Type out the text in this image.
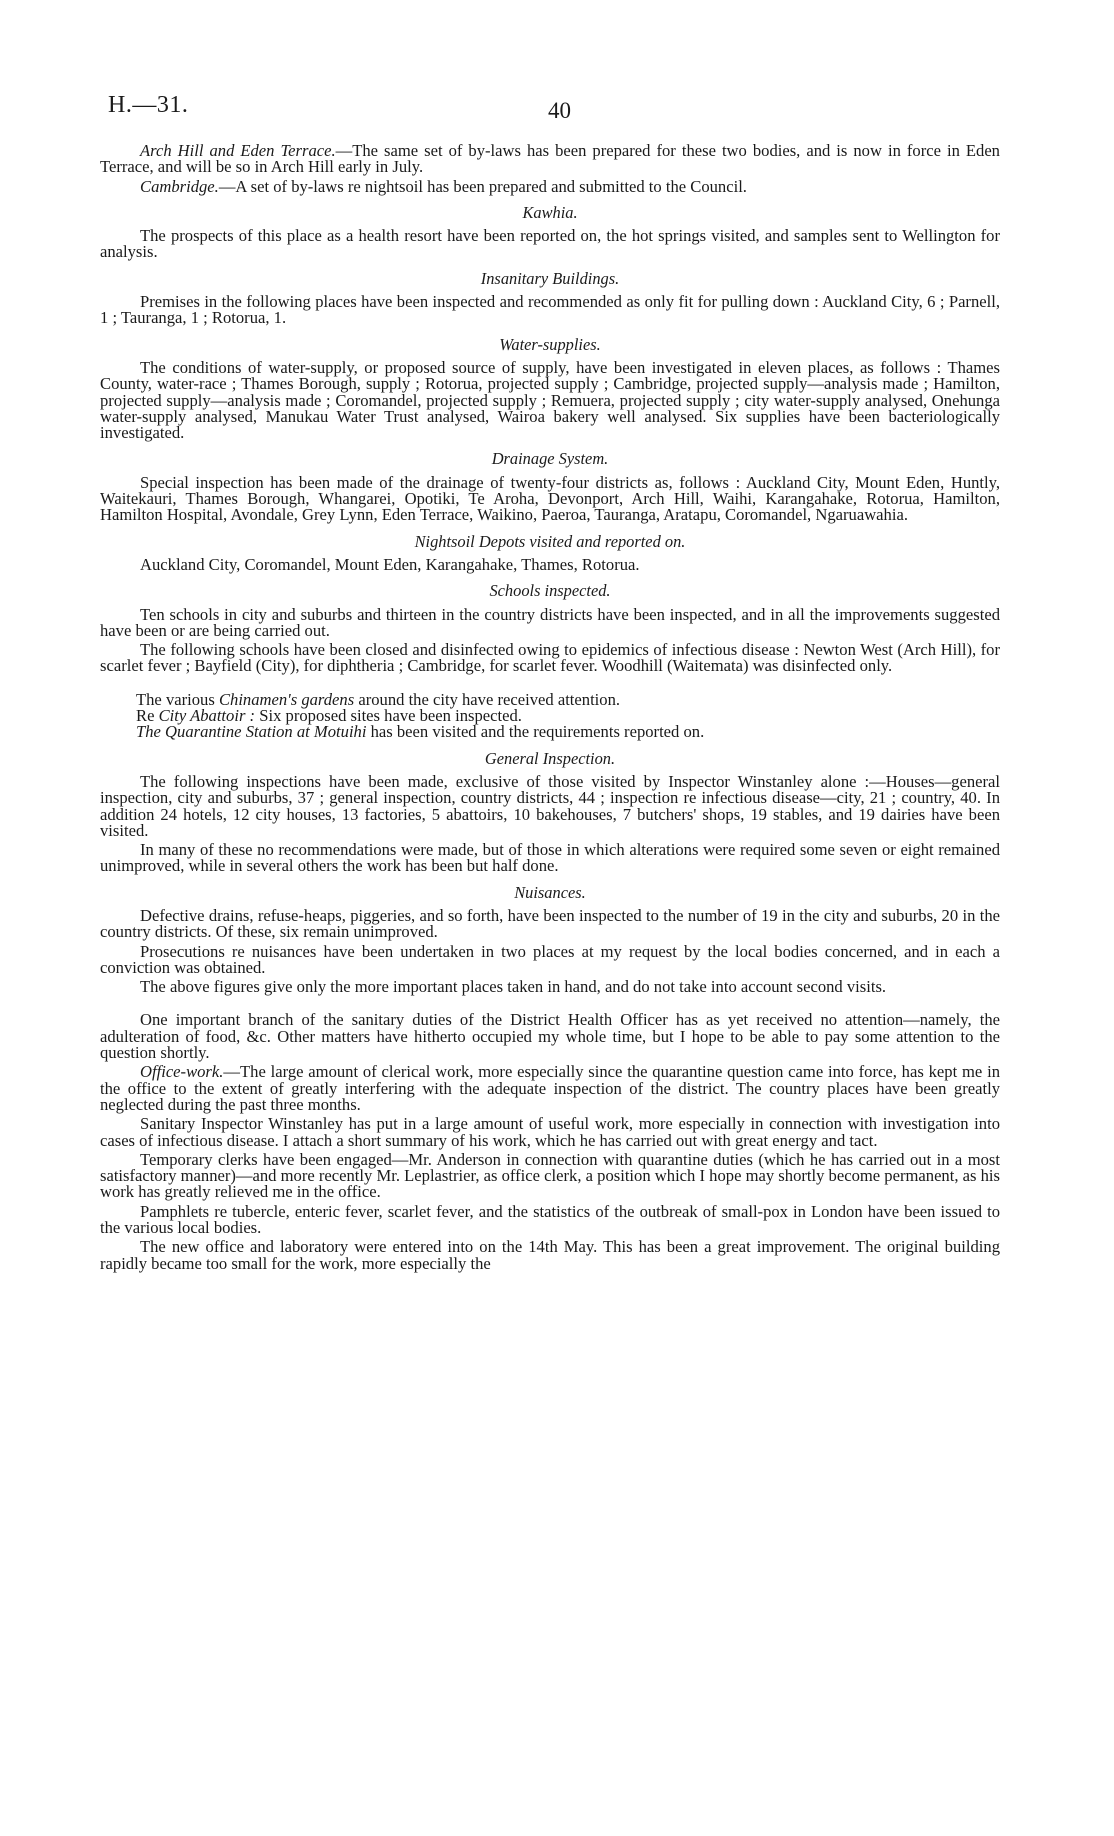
H.—31.	40

Arch Hill and Eden Terrace.—The same set of by-laws has been prepared for these two bodies, and is now in force in Eden Terrace, and will be so in Arch Hill early in July.

Cambridge.—A set of by-laws re nightsoil has been prepared and submitted to the Council.

Kawhia.

The prospects of this place as a health resort have been reported on, the hot springs visited, and samples sent to Wellington for analysis.

Insanitary Buildings.

Premises in the following places have been inspected and recommended as only fit for pulling down : Auckland City, 6 ; Parnell, 1 ; Tauranga, 1 ; Rotorua, 1.

Water-supplies.

The conditions of water-supply, or proposed source of supply, have been investigated in eleven places, as follows : Thames County, water-race ; Thames Borough, supply ; Rotorua, projected supply ; Cambridge, projected supply—analysis made ; Hamilton, projected supply—analysis made ; Coromandel, projected supply ; Remuera, projected supply ; city water-supply analysed, Onehunga water-supply analysed, Manukau Water Trust analysed, Wairoa bakery well analysed. Six supplies have been bacteriologically investigated.

Drainage System.

Special inspection has been made of the drainage of twenty-four districts as, follows : Auckland City, Mount Eden, Huntly, Waitekauri, Thames Borough, Whangarei, Opotiki, Te Aroha, Devonport, Arch Hill, Waihi, Karangahake, Rotorua, Hamilton, Hamilton Hospital, Avondale, Grey Lynn, Eden Terrace, Waikino, Paeroa, Tauranga, Aratapu, Coromandel, Ngaruawahia.

Nightsoil Depots visited and reported on.

Auckland City, Coromandel, Mount Eden, Karangahake, Thames, Rotorua.

Schools inspected.

Ten schools in city and suburbs and thirteen in the country districts have been inspected, and in all the improvements suggested have been or are being carried out.

The following schools have been closed and disinfected owing to epidemics of infectious disease : Newton West (Arch Hill), for scarlet fever ; Bayfield (City), for diphtheria ; Cambridge, for scarlet fever. Woodhill (Waitemata) was disinfected only.

The various Chinamen's gardens around the city have received attention.

Re City Abattoir : Six proposed sites have been inspected.

The Quarantine Station at Motuihi has been visited and the requirements reported on.

General Inspection.

The following inspections have been made, exclusive of those visited by Inspector Winstanley alone :—Houses—general inspection, city and suburbs, 37 ; general inspection, country districts, 44 ; inspection re infectious disease—city, 21 ; country, 40. In addition 24 hotels, 12 city houses, 13 factories, 5 abattoirs, 10 bakehouses, 7 butchers' shops, 19 stables, and 19 dairies have been visited.

In many of these no recommendations were made, but of those in which alterations were required some seven or eight remained unimproved, while in several others the work has been but half done.

Nuisances.

Defective drains, refuse-heaps, piggeries, and so forth, have been inspected to the number of 19 in the city and suburbs, 20 in the country districts. Of these, six remain unimproved.

Prosecutions re nuisances have been undertaken in two places at my request by the local bodies concerned, and in each a conviction was obtained.

The above figures give only the more important places taken in hand, and do not take into account second visits.

One important branch of the sanitary duties of the District Health Officer has as yet received no attention—namely, the adulteration of food, &c. Other matters have hitherto occupied my whole time, but I hope to be able to pay some attention to the question shortly.

Office-work.—The large amount of clerical work, more especially since the quarantine question came into force, has kept me in the office to the extent of greatly interfering with the adequate inspection of the district. The country places have been greatly neglected during the past three months.

Sanitary Inspector Winstanley has put in a large amount of useful work, more especially in connection with investigation into cases of infectious disease. I attach a short summary of his work, which he has carried out with great energy and tact.

Temporary clerks have been engaged—Mr. Anderson in connection with quarantine duties (which he has carried out in a most satisfactory manner)—and more recently Mr. Leplastrier, as office clerk, a position which I hope may shortly become permanent, as his work has greatly relieved me in the office.

Pamphlets re tubercle, enteric fever, scarlet fever, and the statistics of the outbreak of small-pox in London have been issued to the various local bodies.

The new office and laboratory were entered into on the 14th May. This has been a great improvement. The original building rapidly became too small for the work, more especially the
